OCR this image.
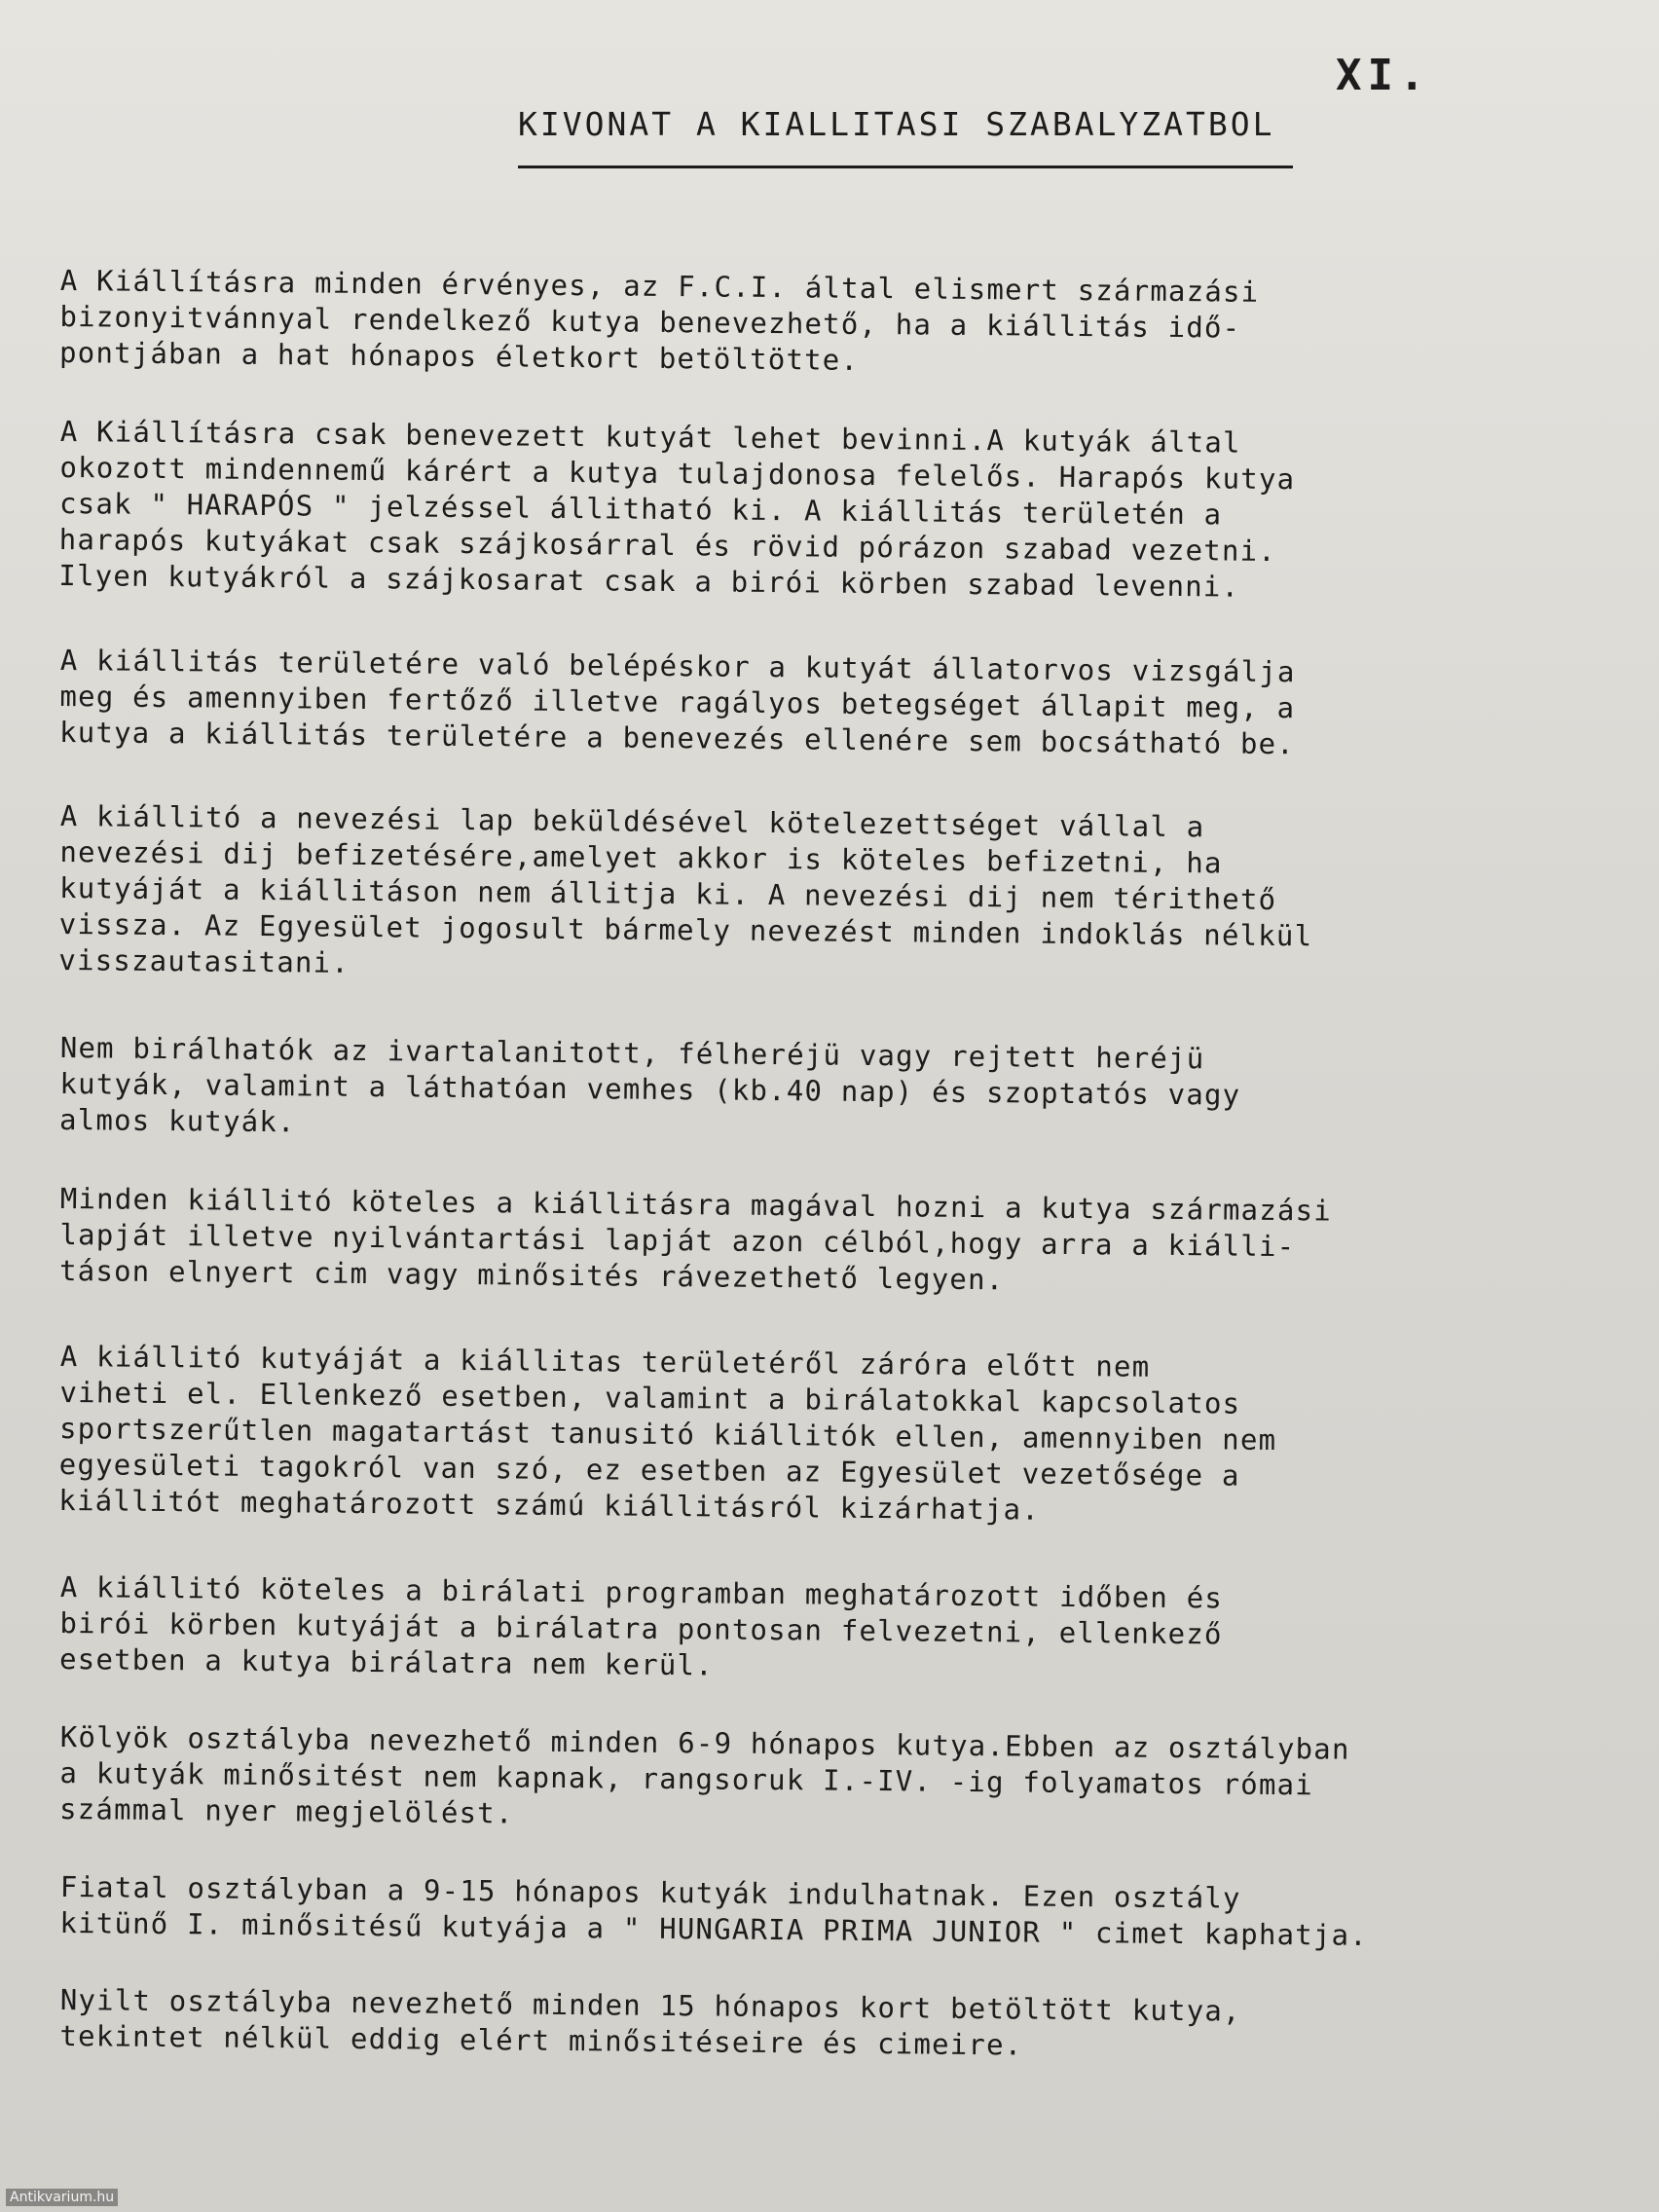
XI.
KIVONAT A KIALLITASI SZABALYZATBOL
A Kiállításra minden érvényes, az F.C.I. által elismert származási
bizonyitvánnyal rendelkező kutya benevezhető, ha a kiállitás idő-
pontjában a hat hónapos életkort betöltötte.
A Kiállításra csak benevezett kutyát lehet bevinni.A kutyák által
okozott mindennemű kárért a kutya tulajdonosa felelős. Harapós kutya
csak " HARAPÓS " jelzéssel állitható ki. A kiállitás területén a
harapós kutyákat csak szájkosárral és rövid pórázon szabad vezetni.
Ilyen kutyákról a szájkosarat csak a birói körben szabad levenni.
A kiállitás területére való belépéskor a kutyát állatorvos vizsgálja
meg és amennyiben fertőző illetve ragályos betegséget állapit meg, a
kutya a kiállitás területére a benevezés ellenére sem bocsátható be.
A kiállitó a nevezési lap beküldésével kötelezettséget vállal a
nevezési dij befizetésére,amelyet akkor is köteles befizetni, ha
kutyáját a kiállitáson nem állitja ki. A nevezési dij nem térithető
vissza. Az Egyesület jogosult bármely nevezést minden indoklás nélkül
visszautasitani.
Nem birálhatók az ivartalanitott, félheréjü vagy rejtett heréjü
kutyák, valamint a láthatóan vemhes (kb.40 nap) és szoptatós vagy
almos kutyák.
Minden kiállitó köteles a kiállitásra magával hozni a kutya származási
lapját illetve nyilvántartási lapját azon célból,hogy arra a kiálli-
táson elnyert cim vagy minősités rávezethető legyen.
A kiállitó kutyáját a kiállitas területéről záróra előtt nem
viheti el. Ellenkező esetben, valamint a birálatokkal kapcsolatos
sportszerűtlen magatartást tanusitó kiállitók ellen, amennyiben nem
egyesületi tagokról van szó, ez esetben az Egyesület vezetősége a
kiállitót meghatározott számú kiállitásról kizárhatja.
A kiállitó köteles a birálati programban meghatározott időben és
birói körben kutyáját a birálatra pontosan felvezetni, ellenkező
esetben a kutya birálatra nem kerül.
Kölyök osztályba nevezhető minden 6-9 hónapos kutya.Ebben az osztályban
a kutyák minősitést nem kapnak, rangsoruk I.-IV. -ig folyamatos római
számmal nyer megjelölést.
Fiatal osztályban a 9-15 hónapos kutyák indulhatnak. Ezen osztály
kitünő I. minősitésű kutyája a " HUNGARIA PRIMA JUNIOR " cimet kaphatja.
Nyilt osztályba nevezhető minden 15 hónapos kort betöltött kutya,
tekintet nélkül eddig elért minősitéseire és cimeire.
Antikvarium.hu
